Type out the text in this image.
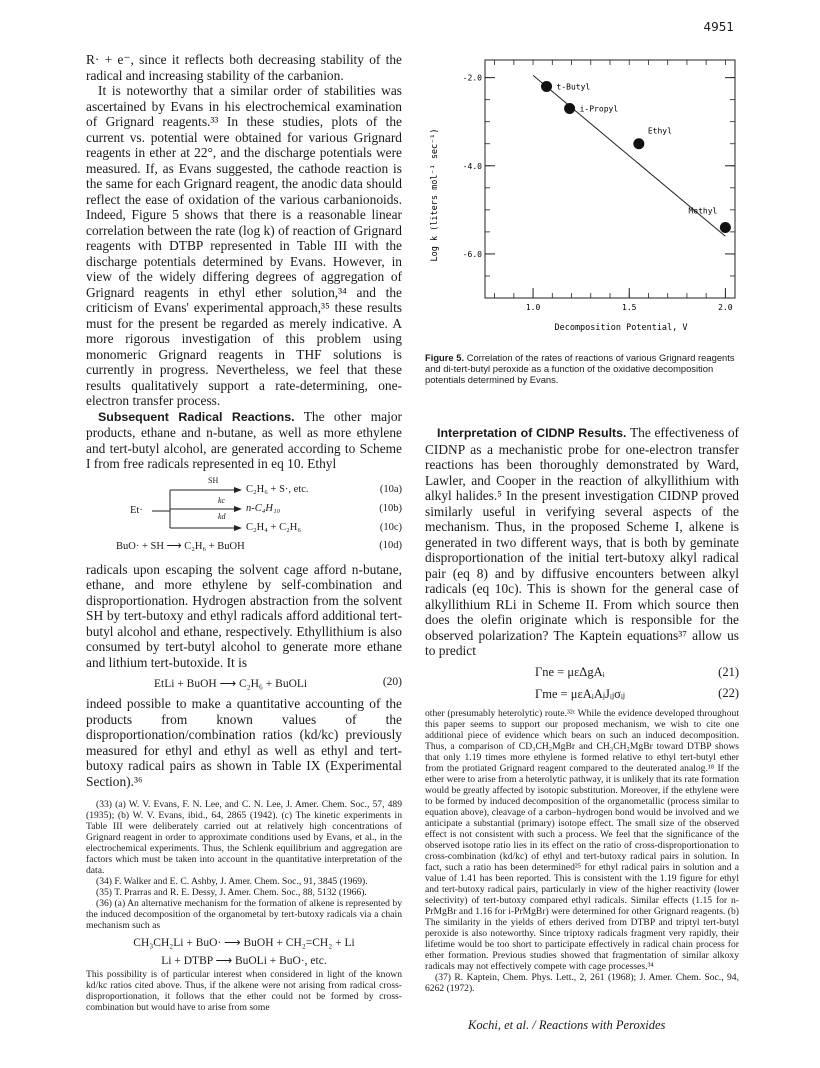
4951

R· + e⁻, since it reflects both decreasing stability of the radical and increasing stability of the carbanion.

It is noteworthy that a similar order of stabilities was ascertained by Evans in his electrochemical examination of Grignard reagents.³³ In these studies, plots of the current vs. potential were obtained for various Grignard reagents in ether at 22°, and the discharge potentials were measured. If, as Evans suggested, the cathode reaction is the same for each Grignard reagent, the anodic data should reflect the ease of oxidation of the various carbanionoids. Indeed, Figure 5 shows that there is a reasonable linear correlation between the rate (log k) of reaction of Grignard reagents with DTBP represented in Table III with the discharge potentials determined by Evans. However, in view of the widely differing degrees of aggregation of Grignard reagents in ethyl ether solution,³⁴ and the criticism of Evans' experimental approach,³⁵ these results must for the present be regarded as merely indicative. A more rigorous investigation of this problem using monomeric Grignard reagents in THF solutions is currently in progress. Nevertheless, we feel that these results qualitatively support a rate-determining, one-electron transfer process.

Subsequent Radical Reactions. The other major products, ethane and n-butane, as well as more ethylene and tert-butyl alcohol, are generated according to Scheme I from free radicals represented in eq 10. Ethyl

Et·
SH
kc
kd
C₂H₆ + S·, etc.
n-C₄H₁₀
C₂H₄ + C₂H₆
BuO· + SH ⟶ C₂H₆ + BuOH
(10a)
(10b)
(10c)
(10d)

radicals upon escaping the solvent cage afford n-butane, ethane, and more ethylene by self-combination and disproportionation. Hydrogen abstraction from the solvent SH by tert-butoxy and ethyl radicals afford additional tert-butyl alcohol and ethane, respectively. Ethyllithium is also consumed by tert-butyl alcohol to generate more ethane and lithium tert-butoxide. It is

EtLi + BuOH ⟶ C₂H₆ + BuOLi	(20)

indeed possible to make a quantitative accounting of the products from known values of the disproportionation/combination ratios (kd/kc) previously measured for ethyl and ethyl as well as ethyl and tert-butoxy radical pairs as shown in Table IX (Experimental Section).³⁶

(33) (a) W. V. Evans, F. N. Lee, and C. N. Lee, J. Amer. Chem. Soc., 57, 489 (1935); (b) W. V. Evans, ibid., 64, 2865 (1942). (c) The kinetic experiments in Table III were deliberately carried out at relatively high concentrations of Grignard reagent in order to approximate conditions used by Evans, et al., in the electrochemical experiments. Thus, the Schlenk equilibrium and aggregation are factors which must be taken into account in the quantitative interpretation of the data.

(34) F. Walker and E. C. Ashby, J. Amer. Chem. Soc., 91, 3845 (1969).

(35) T. Prarras and R. E. Dessy, J. Amer. Chem. Soc., 88, 5132 (1966).

(36) (a) An alternative mechanism for the formation of alkene is represented by the induced decomposition of the organometal by tert-butoxy radicals via a chain mechanism such as

CH₃CH₂Li + BuO· ⟶ BuOH + CH₂=CH₂ + Li
Li + DTBP ⟶ BuOLi + BuO·, etc.

This possibility is of particular interest when considered in light of the known kd/kc ratios cited above. Thus, if the alkene were not arising from radical cross-disproportionation, it follows that the ether could not be formed by cross-combination but would have to arise from some

1.0	1.5	2.0
-2.0
-4.0
-6.0
t-Butyl
i-Propyl
Ethyl
Methyl
Log k (liters mol⁻¹ sec⁻¹)
Decomposition Potential, V
Figure 5. Correlation of the rates of reactions of various Grignard reagents and di-tert-butyl peroxide as a function of the oxidative decomposition potentials determined by Evans.

Interpretation of CIDNP Results. The effectiveness of CIDNP as a mechanistic probe for one-electron transfer reactions has been thoroughly demonstrated by Ward, Lawler, and Cooper in the reaction of alkyllithium with alkyl halides.⁵ In the present investigation CIDNP proved similarly useful in verifying several aspects of the mechanism. Thus, in the proposed Scheme I, alkene is generated in two different ways, that is both by geminate disproportionation of the initial tert-butoxy alkyl radical pair (eq 8) and by diffusive encounters between alkyl radicals (eq 10c). This is shown for the general case of alkyllithium RLi in Scheme II. From which source then does the olefin originate which is responsible for the observed polarization? The Kaptein equations³⁷ allow us to predict

Γne = μεΔgAᵢ	(21)
Γme = μεAᵢAⱼJᵢⱼσᵢⱼ	(22)

other (presumably heterolytic) route.³²ᶜ While the evidence developed throughout this paper seems to support our proposed mechanism, we wish to cite one additional piece of evidence which bears on such an induced decomposition. Thus, a comparison of CD₃CH₂MgBr and CH₃CH₂MgBr toward DTBP shows that only 1.19 times more ethylene is formed relative to ethyl tert-butyl ether from the protiated Grignard reagent compared to the deuterated analog.¹⁸ If the ether were to arise from a heterolytic pathway, it is unlikely that its rate formation would be greatly affected by isotopic substitution. Moreover, if the ethylene were to be formed by induced decomposition of the organometallic (process similar to equation above), cleavage of a carbon–hydrogen bond would be involved and we anticipate a substantial (primary) isotope effect. The small size of the observed effect is not consistent with such a process. We feel that the significance of the observed isotope ratio lies in its effect on the ratio of cross-disproportionation to cross-combination (kd/kc) of ethyl and tert-butoxy radical pairs in solution. In fact, such a ratio has been determined²⁵ for ethyl radical pairs in solution and a value of 1.41 has been reported. This is consistent with the 1.19 figure for ethyl and tert-butoxy radical pairs, particularly in view of the higher reactivity (lower selectivity) of tert-butoxy compared ethyl radicals. Similar effects (1.15 for n-PrMgBr and 1.16 for i-PrMgBr) were determined for other Grignard reagents. (b) The similarity in the yields of ethers derived from DTBP and triptyl tert-butyl peroxide is also noteworthy. Since triptoxy radicals fragment very rapidly, their lifetime would be too short to participate effectively in radical chain process for ether formation. Previous studies showed that fragmentation of similar alkoxy radicals may not effectively compete with cage processes.³⁴

(37) R. Kaptein, Chem. Phys. Lett., 2, 261 (1968); J. Amer. Chem. Soc., 94, 6262 (1972).

Kochi, et al. / Reactions with Peroxides
